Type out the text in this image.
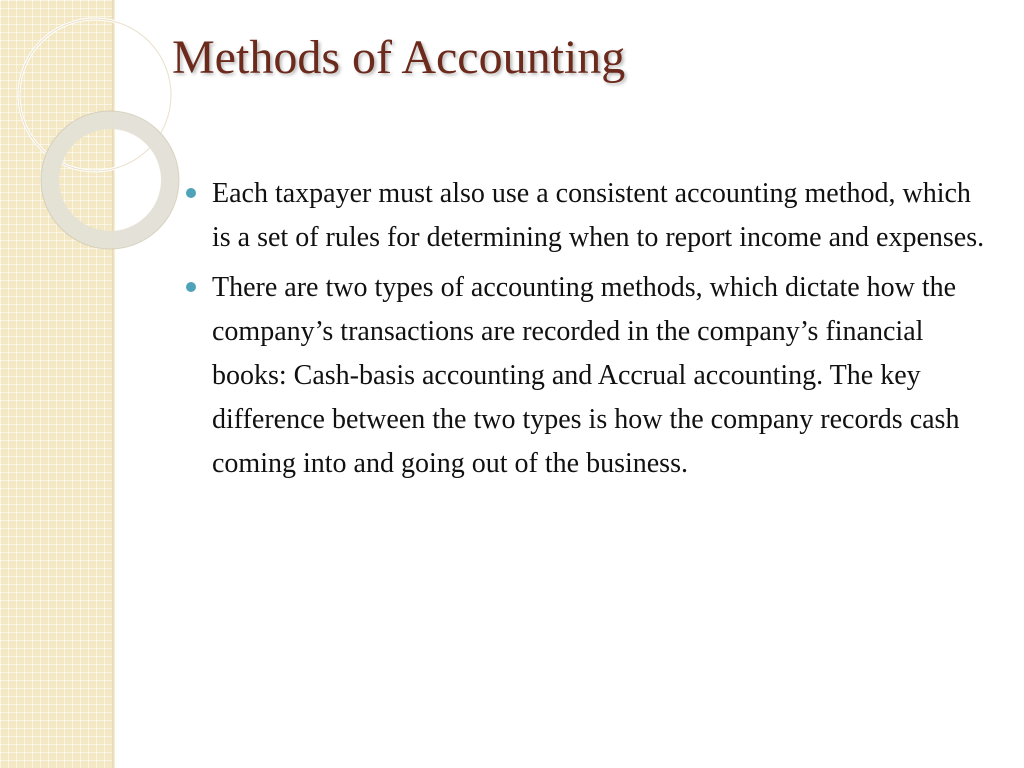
Methods of Accounting
Each taxpayer must also use a consistent accounting method, which is a set of rules for determining when to report income and expenses.
There are two types of accounting methods, which dictate how the company’s transactions are recorded in the company’s financial books: Cash-basis accounting and Accrual accounting. The key difference between the two types is how the company records cash coming into and going out of the business.
